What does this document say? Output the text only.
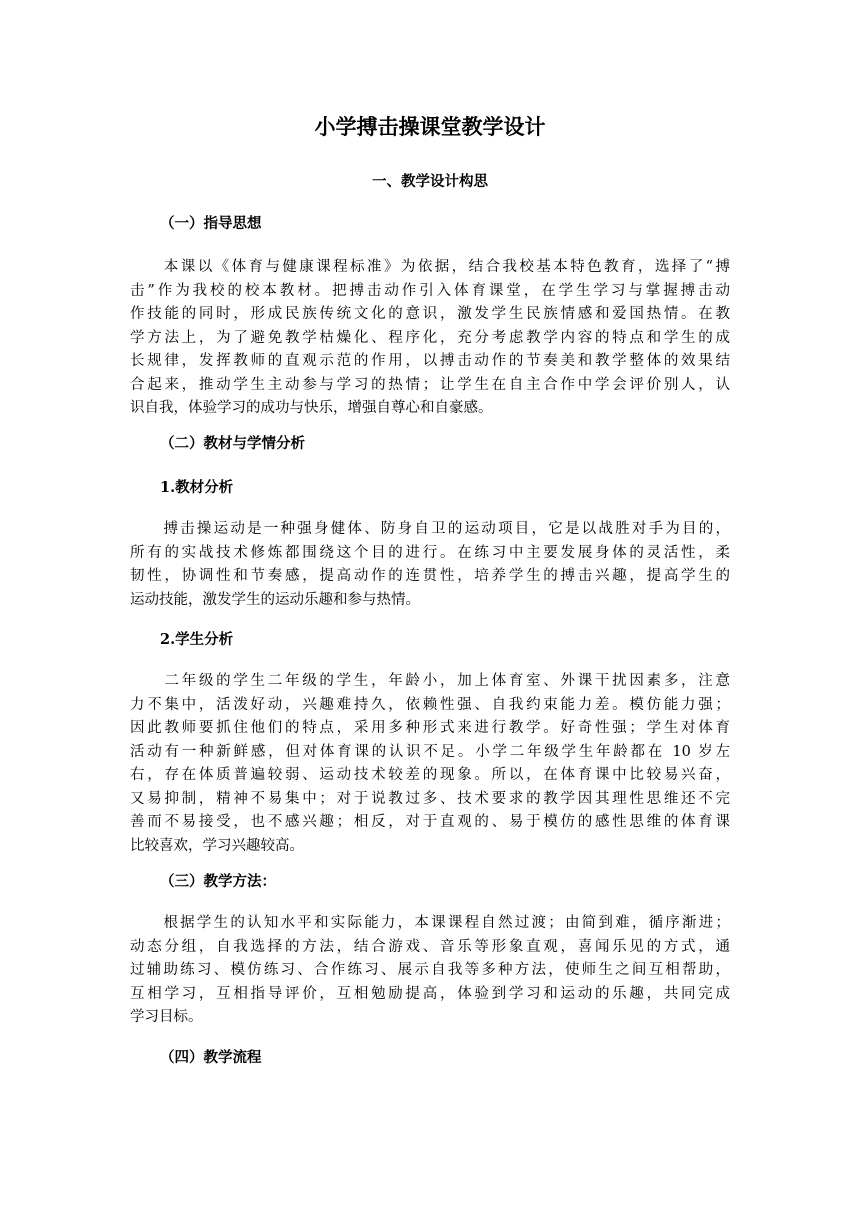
小学搏击操课堂教学设计
一、教学设计构思
（一）指导思想

　　本课以《体育与健康课程标准》为依据，结合我校基本特色教育，选择了“搏
击”作为我校的校本教材。把搏击动作引入体育课堂，在学生学习与掌握搏击动
作技能的同时，形成民族传统文化的意识，激发学生民族情感和爱国热情。在教
学方法上，为了避免教学枯燥化、程序化，充分考虑教学内容的特点和学生的成
长规律，发挥教师的直观示范的作用，以搏击动作的节奏美和教学整体的效果结
合起来，推动学生主动参与学习的热情；让学生在自主合作中学会评价别人，认
识自我，体验学习的成功与快乐，增强自尊心和自豪感。

（二）教材与学情分析
1.教材分析

　　搏击操运动是一种强身健体、防身自卫的运动项目，它是以战胜对手为目的，
所有的实战技术修炼都围绕这个目的进行。在练习中主要发展身体的灵活性，柔
韧性，协调性和节奏感，提高动作的连贯性，培养学生的搏击兴趣，提高学生的
运动技能，激发学生的运动乐趣和参与热情。

2.学生分析

　　二年级的学生二年级的学生，年龄小，加上体育室、外课干扰因素多，注意
力不集中，活泼好动，兴趣难持久，依赖性强、自我约束能力差。模仿能力强；
因此教师要抓住他们的特点，采用多种形式来进行教学。好奇性强；学生对体育
活动有一种新鲜感，但对体育课的认识不足。小学二年级学生年龄都在 10 岁左
右，存在体质普遍较弱、运动技术较差的现象。所以，在体育课中比较易兴奋，
又易抑制，精神不易集中；对于说教过多、技术要求的教学因其理性思维还不完
善而不易接受，也不感兴趣；相反，对于直观的、易于模仿的感性思维的体育课
比较喜欢，学习兴趣较高。

（三）教学方法：

　　根据学生的认知水平和实际能力，本课课程自然过渡；由简到难，循序渐进；
动态分组，自我选择的方法，结合游戏、音乐等形象直观，喜闻乐见的方式，通
过辅助练习、模仿练习、合作练习、展示自我等多种方法，使师生之间互相帮助，
互相学习，互相指导评价，互相勉励提高，体验到学习和运动的乐趣，共同完成
学习目标。

（四）教学流程
